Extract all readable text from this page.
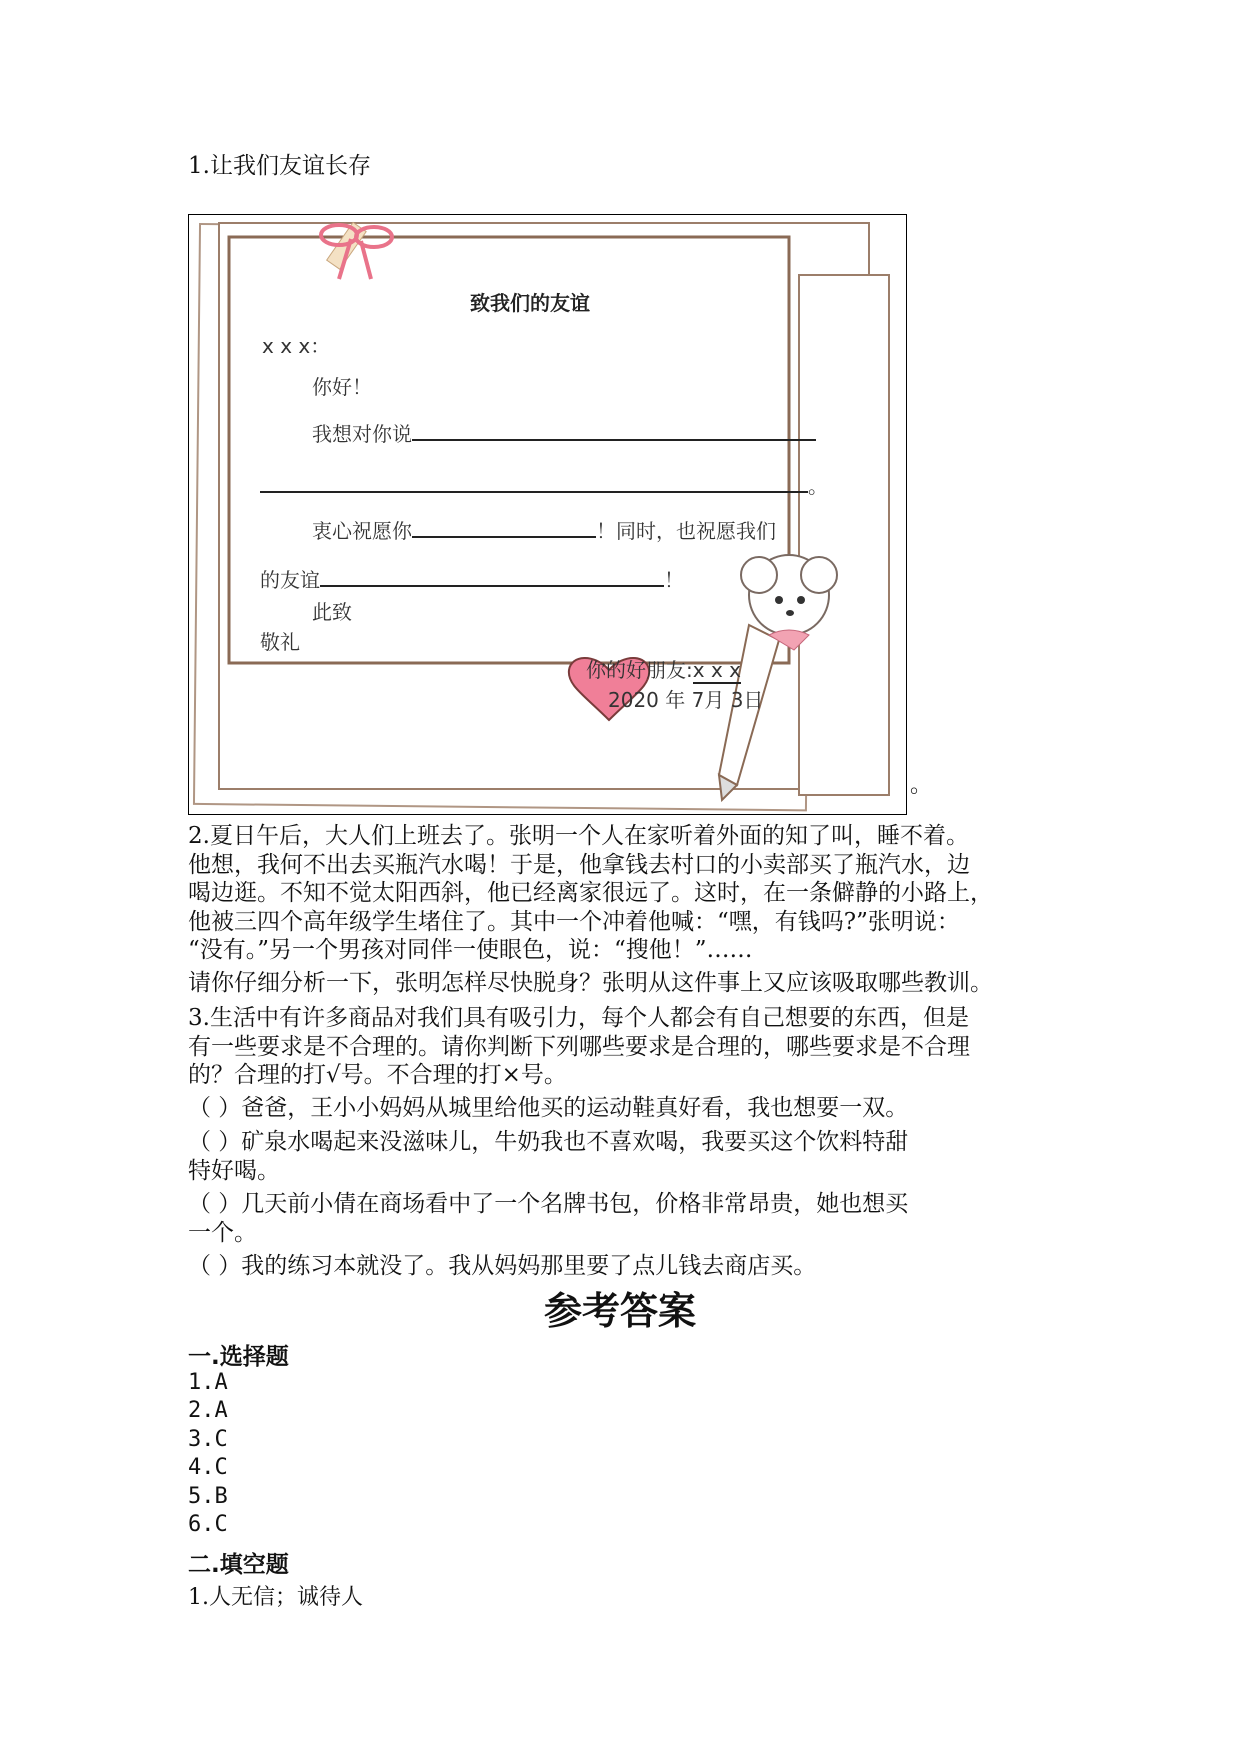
1.让我们友谊长存
致我们的友谊
x x x：
你好！
我想对你说
。
衷心祝愿你	！同时，也祝愿我们
的友谊	！
此致
敬礼
你的好朋友:x x x
2020 年 7月 3日
。
2.夏日午后，大人们上班去了。张明一个人在家听着外面的知了叫，睡不着。
他想，我何不出去买瓶汽水喝！于是，他拿钱去村口的小卖部买了瓶汽水，边
喝边逛。不知不觉太阳西斜，他已经离家很远了。这时，在一条僻静的小路上，
他被三四个高年级学生堵住了。其中一个冲着他喊：“嘿，有钱吗?”张明说：
“没有。”另一个男孩对同伴一使眼色，说：“搜他！”……
请你仔细分析一下，张明怎样尽快脱身？张明从这件事上又应该吸取哪些教训。
3.生活中有许多商品对我们具有吸引力，每个人都会有自己想要的东西，但是
有一些要求是不合理的。请你判断下列哪些要求是合理的，哪些要求是不合理
的？合理的打√号。不合理的打×号。
（ ）爸爸，王小小妈妈从城里给他买的运动鞋真好看，我也想要一双。
（ ）矿泉水喝起来没滋味儿，牛奶我也不喜欢喝，我要买这个饮料特甜
特好喝。
（ ）几天前小倩在商场看中了一个名牌书包，价格非常昂贵，她也想买
一个。
（ ）我的练习本就没了。我从妈妈那里要了点儿钱去商店买。
参考答案
一.选择题
1.A
2.A
3.C
4.C
5.B
6.C
二.填空题
1.人无信；诚待人
